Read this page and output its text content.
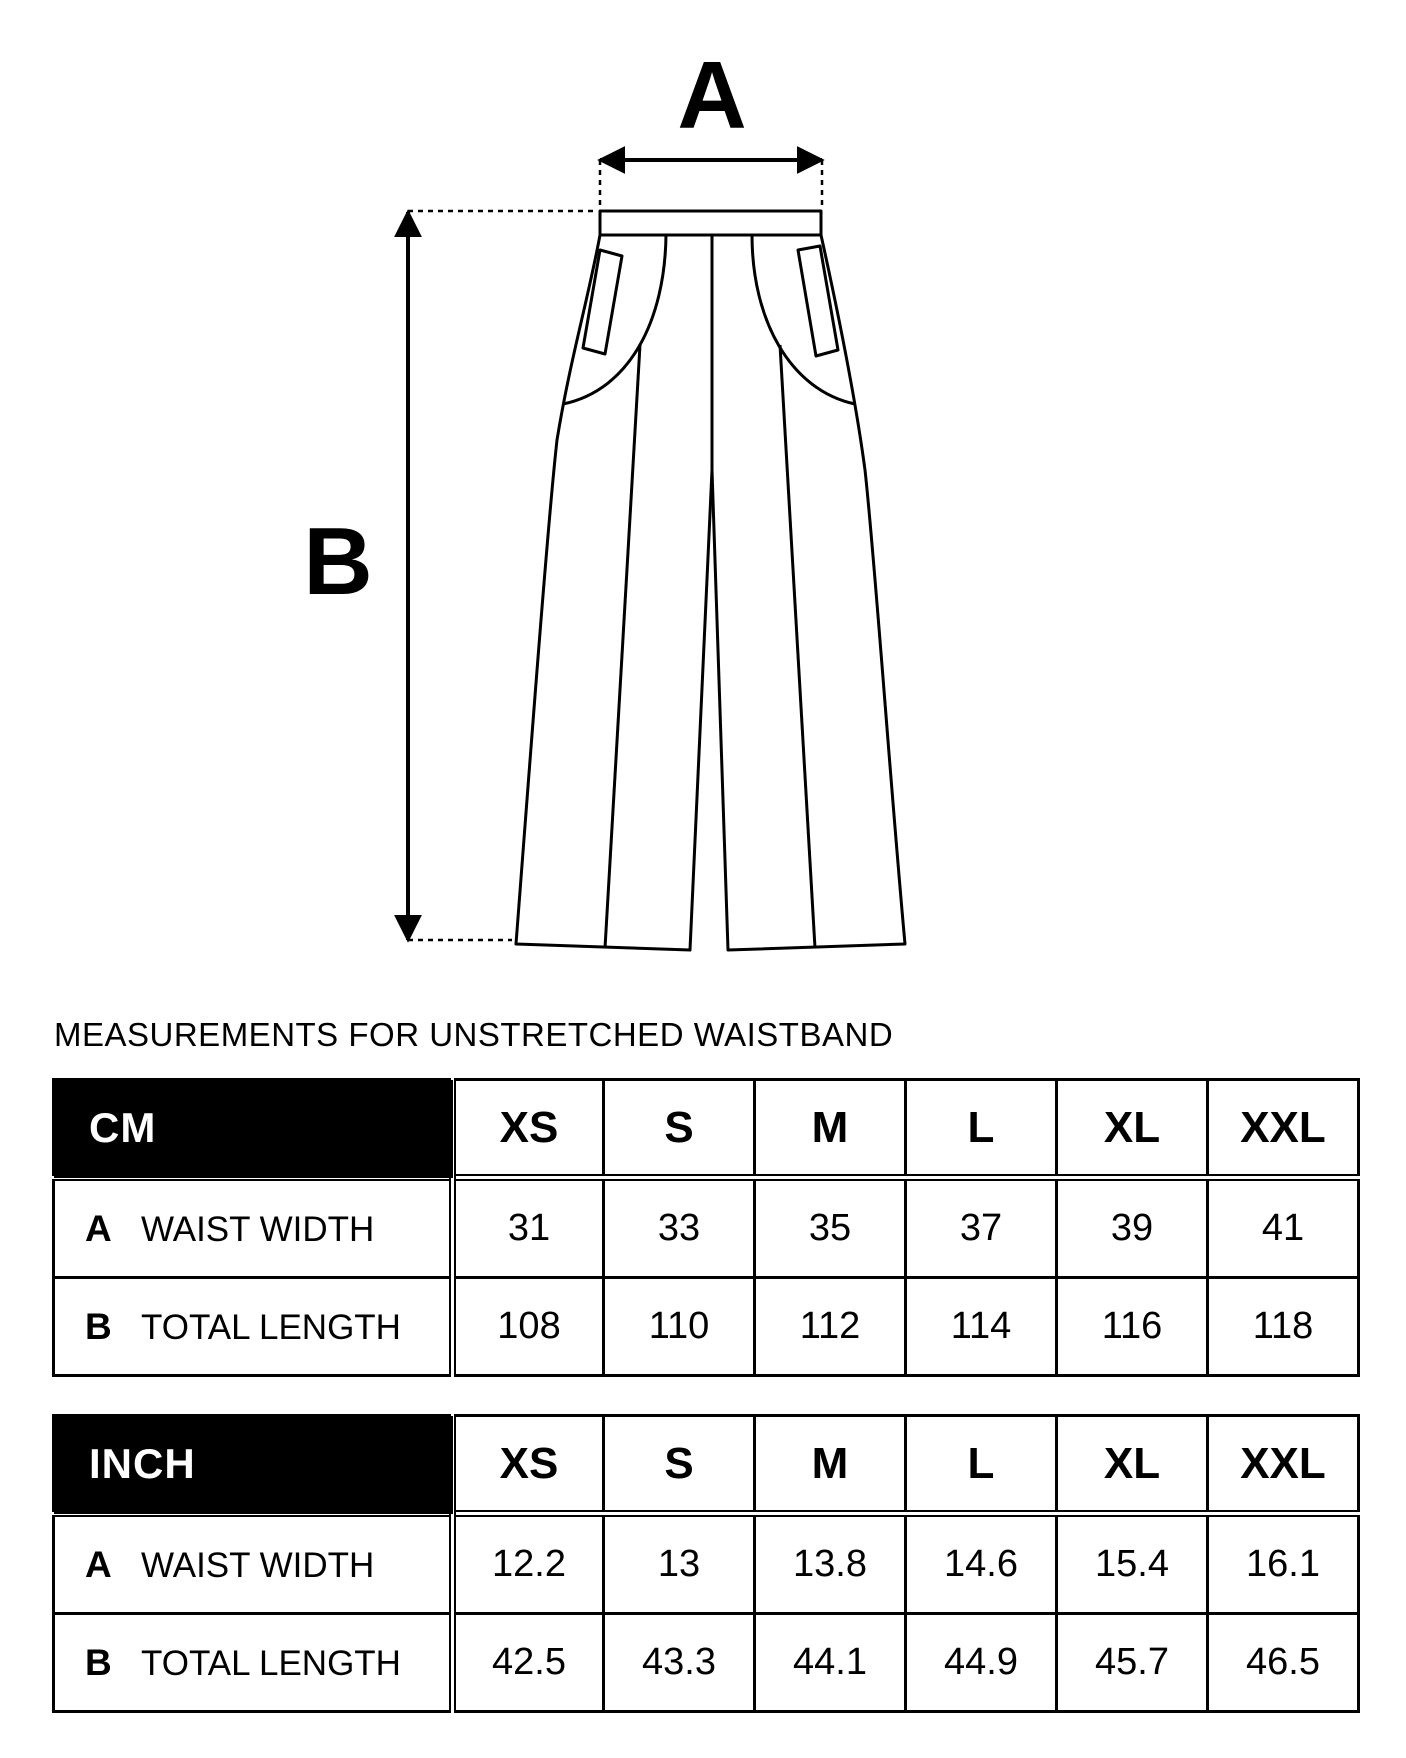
A
B
MEASUREMENTS FOR UNSTRETCHED WAISTBAND
CM	XS	S	M	L	XL	XXL
A WAIST WIDTH	31	33	35	37	39	41
B TOTAL LENGTH	108	110	112	114	116	118
INCH	XS	S	M	L	XL	XXL
A WAIST WIDTH	12.2	13	13.8	14.6	15.4	16.1
B TOTAL LENGTH	42.5	43.3	44.1	44.9	45.7	46.5
